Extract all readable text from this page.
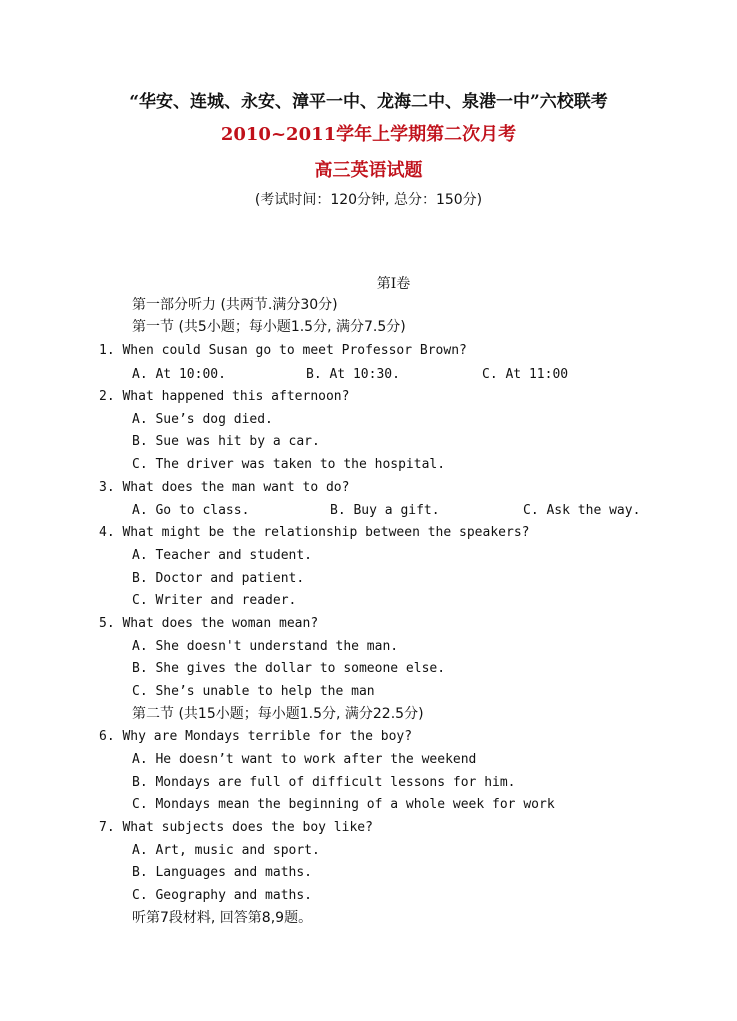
“华安、连城、永安、漳平一中、龙海二中、泉港一中”六校联考
2010~2011学年上学期第二次月考
高三英语试题
(考试时间：120分钟, 总分：150分)
第I卷
第一部分听力 (共两节.满分30分)
第一节 (共5小题；每小题1.5分, 满分7.5分)
1. When could Susan go to meet Professor Brown?
A. At 10:00.	B. At 10:30.	C. At 11:00
2. What happened this afternoon?
A. Sue’s dog died.
B. Sue was hit by a car.
C. The driver was taken to the hospital.
3. What does the man want to do?
A. Go to class.	B. Buy a gift.	C. Ask the way.
4. What might be the relationship between the speakers?
A. Teacher and student.
B. Doctor and patient.
C. Writer and reader.
5. What does the woman mean?
A. She doesn't understand the man.
B. She gives the dollar to someone else.
C. She’s unable to help the man
第二节 (共15小题；每小题1.5分, 满分22.5分)
6. Why are Mondays terrible for the boy?
A. He doesn’t want to work after the weekend
B. Mondays are full of difficult lessons for him.
C. Mondays mean the beginning of a whole week for work
7. What subjects does the boy like?
A. Art, music and sport.
B. Languages and maths.
C. Geography and maths.
听第7段材料, 回答第8,9题。
